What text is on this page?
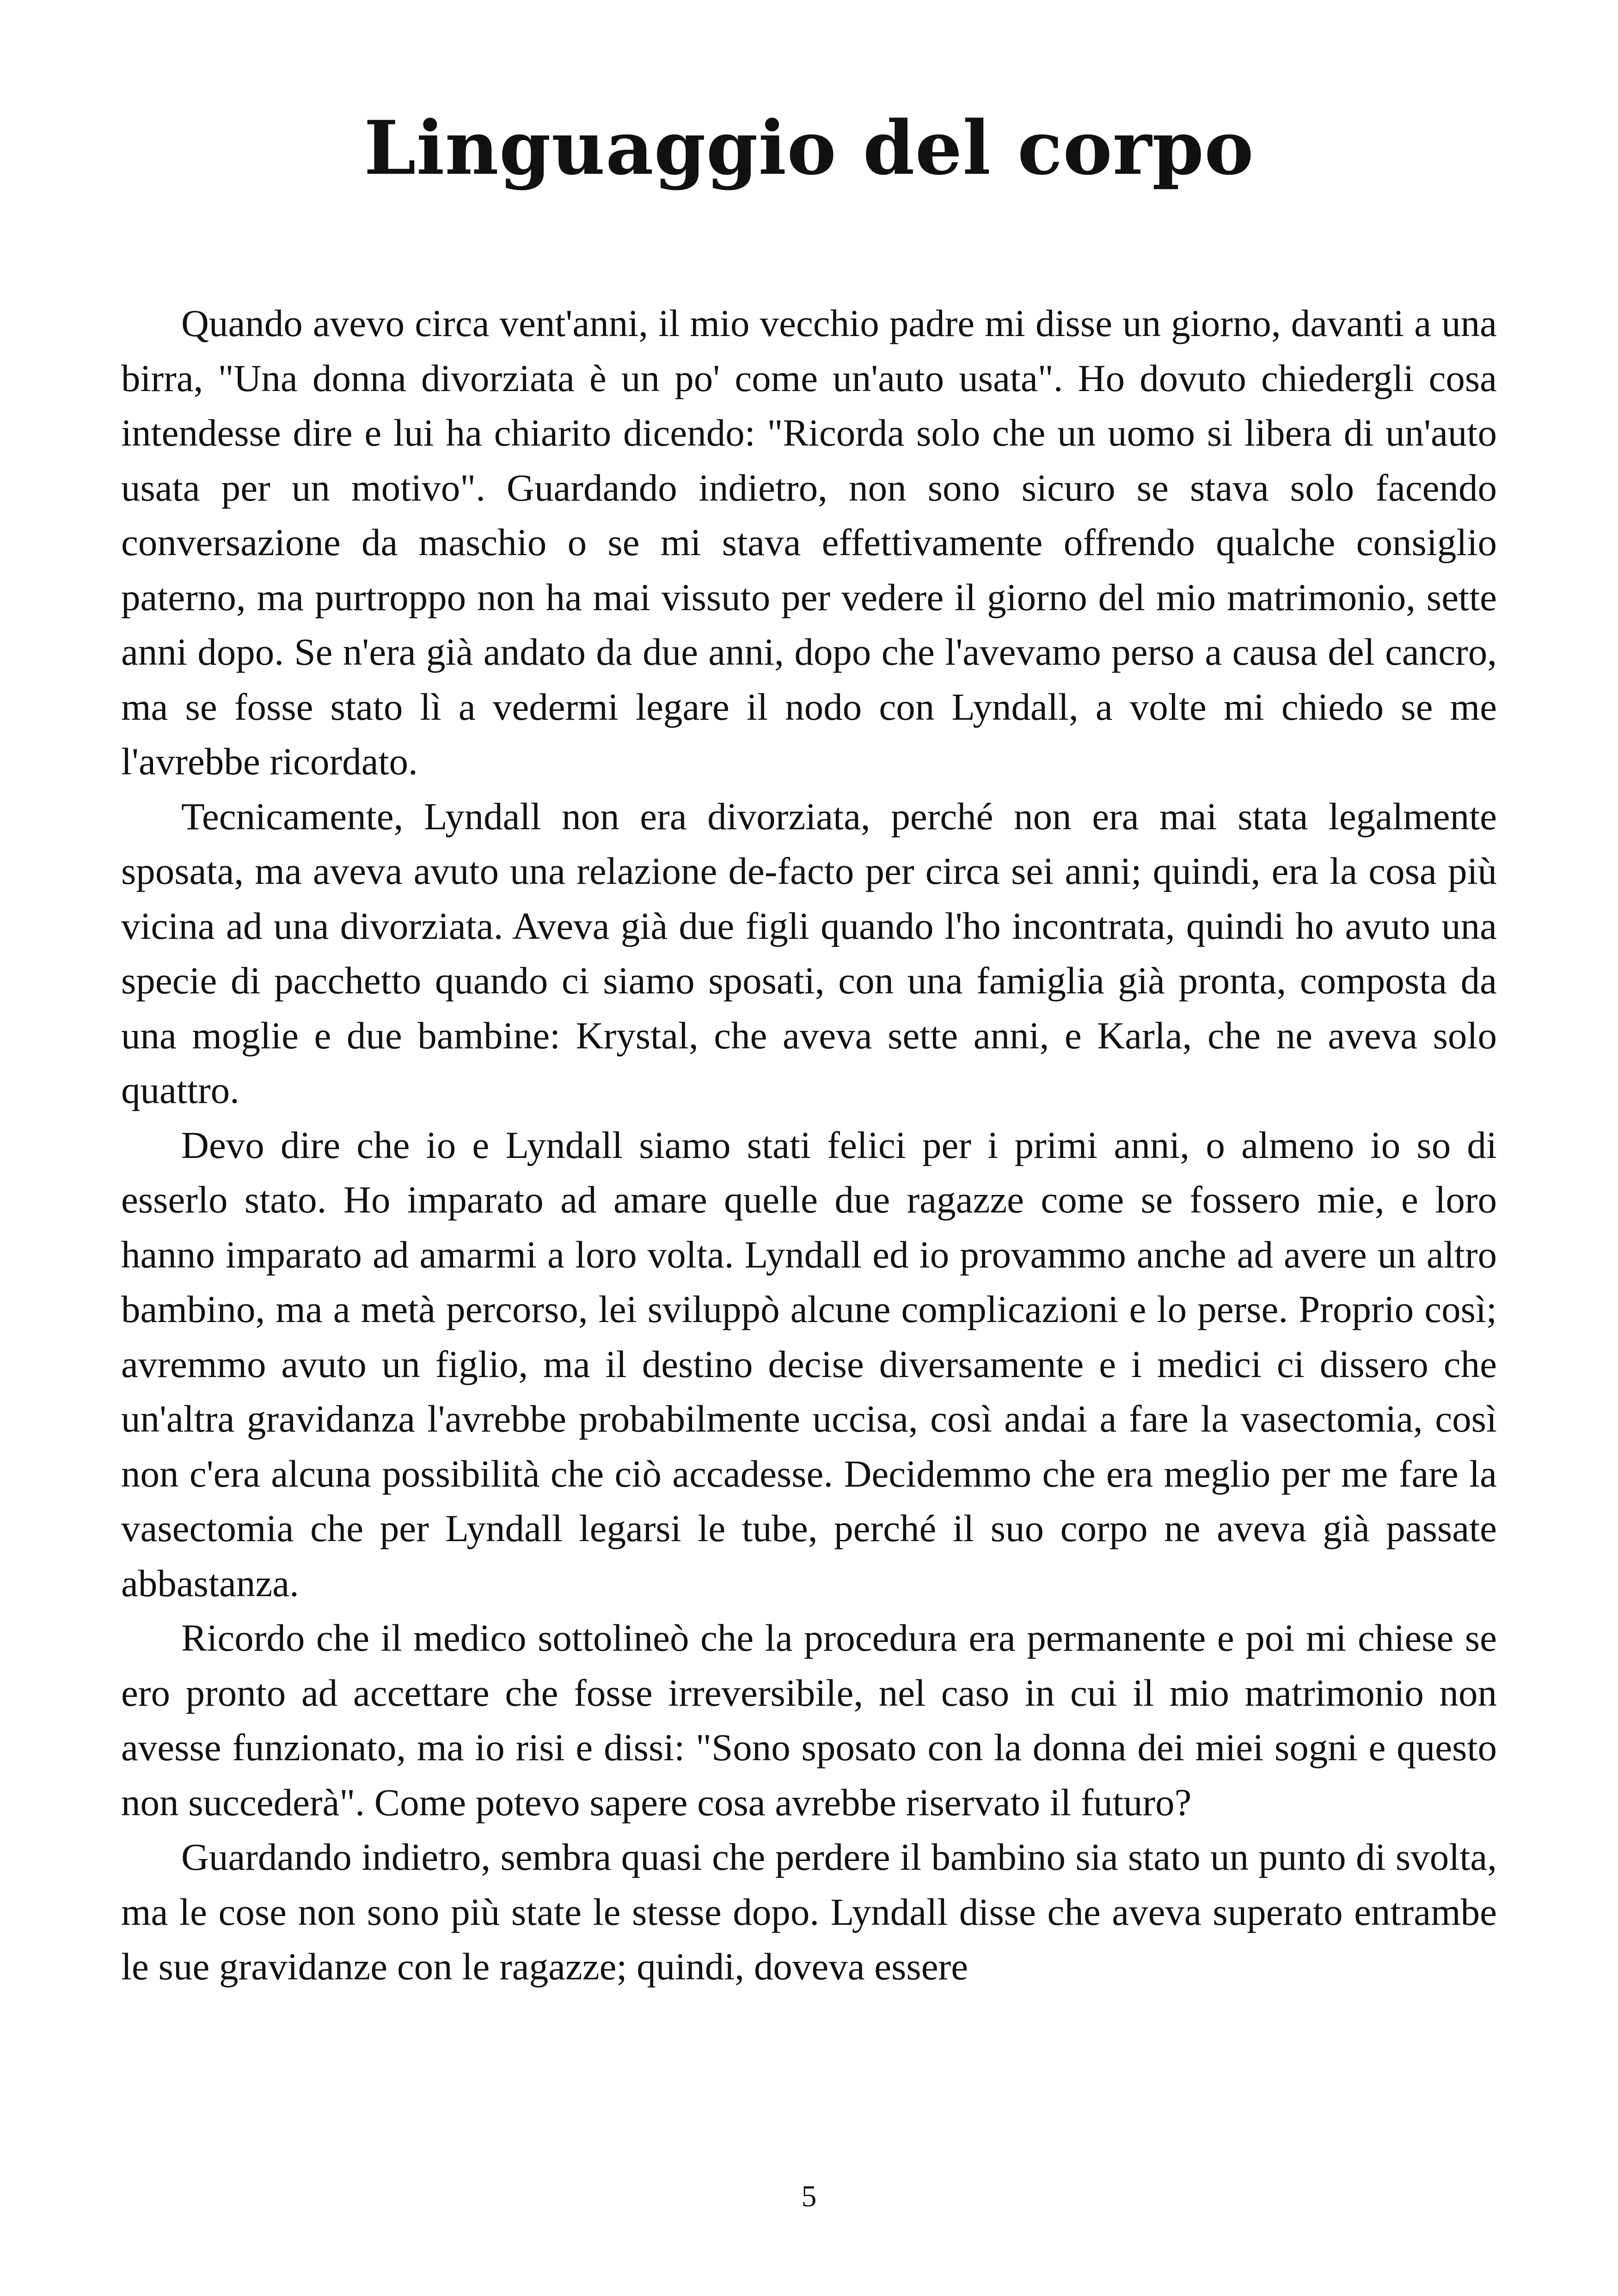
Linguaggio del corpo

Quando avevo circa vent'anni, il mio vecchio padre mi disse un giorno, davanti a una birra, "Una donna divorziata è un po' come un'auto usata". Ho dovuto chiedergli cosa intendesse dire e lui ha chiarito dicendo: "Ricorda solo che un uomo si libera di un'auto usata per un motivo". Guardando indietro, non sono sicuro se stava solo facendo conversazione da maschio o se mi stava effettivamente offrendo qualche consiglio paterno, ma purtroppo non ha mai vissuto per vedere il giorno del mio matrimonio, sette anni dopo. Se n'era già andato da due anni, dopo che l'avevamo perso a causa del cancro, ma se fosse stato lì a vedermi legare il nodo con Lyndall, a volte mi chiedo se me l'avrebbe ricordato.

Tecnicamente, Lyndall non era divorziata, perché non era mai stata legalmente sposata, ma aveva avuto una relazione de-facto per circa sei anni; quindi, era la cosa più vicina ad una divorziata. Aveva già due figli quando l'ho incontrata, quindi ho avuto una specie di pacchetto quando ci siamo sposati, con una famiglia già pronta, composta da una moglie e due bambine: Krystal, che aveva sette anni, e Karla, che ne aveva solo quattro.

Devo dire che io e Lyndall siamo stati felici per i primi anni, o almeno io so di esserlo stato. Ho imparato ad amare quelle due ragazze come se fossero mie, e loro hanno imparato ad amarmi a loro volta. Lyndall ed io provammo anche ad avere un altro bambino, ma a metà percorso, lei sviluppò alcune complicazioni e lo perse. Proprio così; avremmo avuto un figlio, ma il destino decise diversamente e i medici ci dissero che un'altra gravidanza l'avrebbe probabilmente uccisa, così andai a fare la vasectomia, così non c'era alcuna possibilità che ciò accadesse. Decidemmo che era meglio per me fare la vasectomia che per Lyndall legarsi le tube, perché il suo corpo ne aveva già passate abbastanza.

Ricordo che il medico sottolineò che la procedura era permanente e poi mi chiese se ero pronto ad accettare che fosse irreversibile, nel caso in cui il mio matrimonio non avesse funzionato, ma io risi e dissi: "Sono sposato con la donna dei miei sogni e questo non succederà". Come potevo sapere cosa avrebbe riservato il futuro?

Guardando indietro, sembra quasi che perdere il bambino sia stato un punto di svolta, ma le cose non sono più state le stesse dopo. Lyndall disse che aveva superato entrambe le sue gravidanze con le ragazze; quindi, doveva essere

5
